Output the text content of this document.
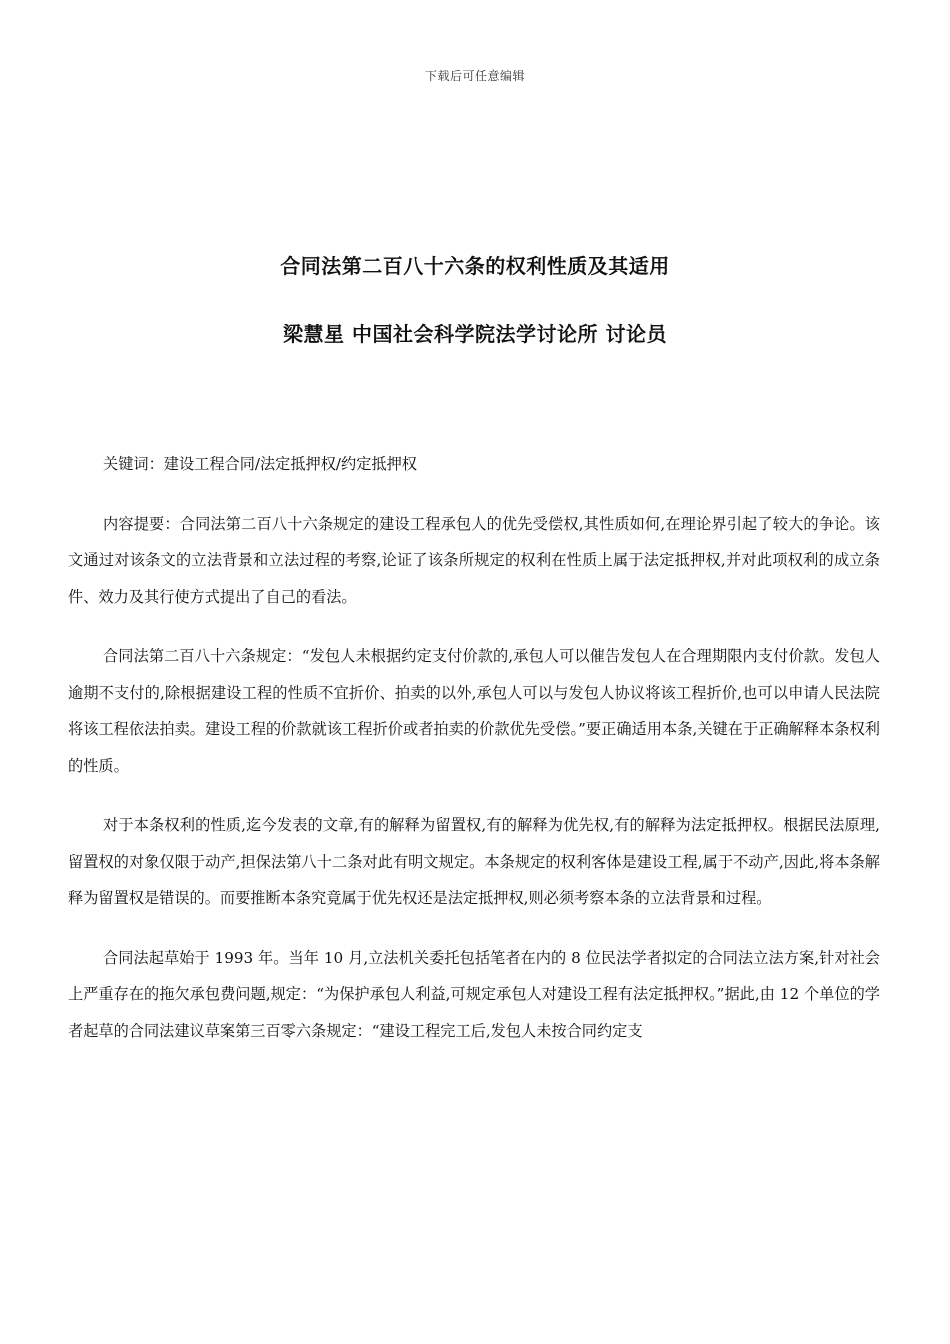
下载后可任意编辑
合同法第二百八十六条的权利性质及其适用
梁慧星 中国社会科学院法学讨论所 讨论员

关键词：建设工程合同/法定抵押权/约定抵押权

内容提要：合同法第二百八十六条规定的建设工程承包人的优先受偿权,其性质如何,在理论界引起了较大的争论。该文通过对该条文的立法背景和立法过程的考察,论证了该条所规定的权利在性质上属于法定抵押权,并对此项权利的成立条件、效力及其行使方式提出了自己的看法。

合同法第二百八十六条规定：“发包人未根据约定支付价款的,承包人可以催告发包人在合理期限内支付价款。发包人逾期不支付的,除根据建设工程的性质不宜折价、拍卖的以外,承包人可以与发包人协议将该工程折价,也可以申请人民法院将该工程依法拍卖。建设工程的价款就该工程折价或者拍卖的价款优先受偿。”要正确适用本条,关键在于正确解释本条权利的性质。

对于本条权利的性质,迄今发表的文章,有的解释为留置权,有的解释为优先权,有的解释为法定抵押权。根据民法原理,留置权的对象仅限于动产,担保法第八十二条对此有明文规定。本条规定的权利客体是建设工程,属于不动产,因此,将本条解释为留置权是错误的。而要推断本条究竟属于优先权还是法定抵押权,则必须考察本条的立法背景和过程。

合同法起草始于 1993 年。当年 10 月,立法机关委托包括笔者在内的 8 位民法学者拟定的合同法立法方案,针对社会上严重存在的拖欠承包费问题,规定：“为保护承包人利益,可规定承包人对建设工程有法定抵押权。”据此,由 12 个单位的学者起草的合同法建议草案第三百零六条规定：“建设工程完工后,发包人未按合同约定支
